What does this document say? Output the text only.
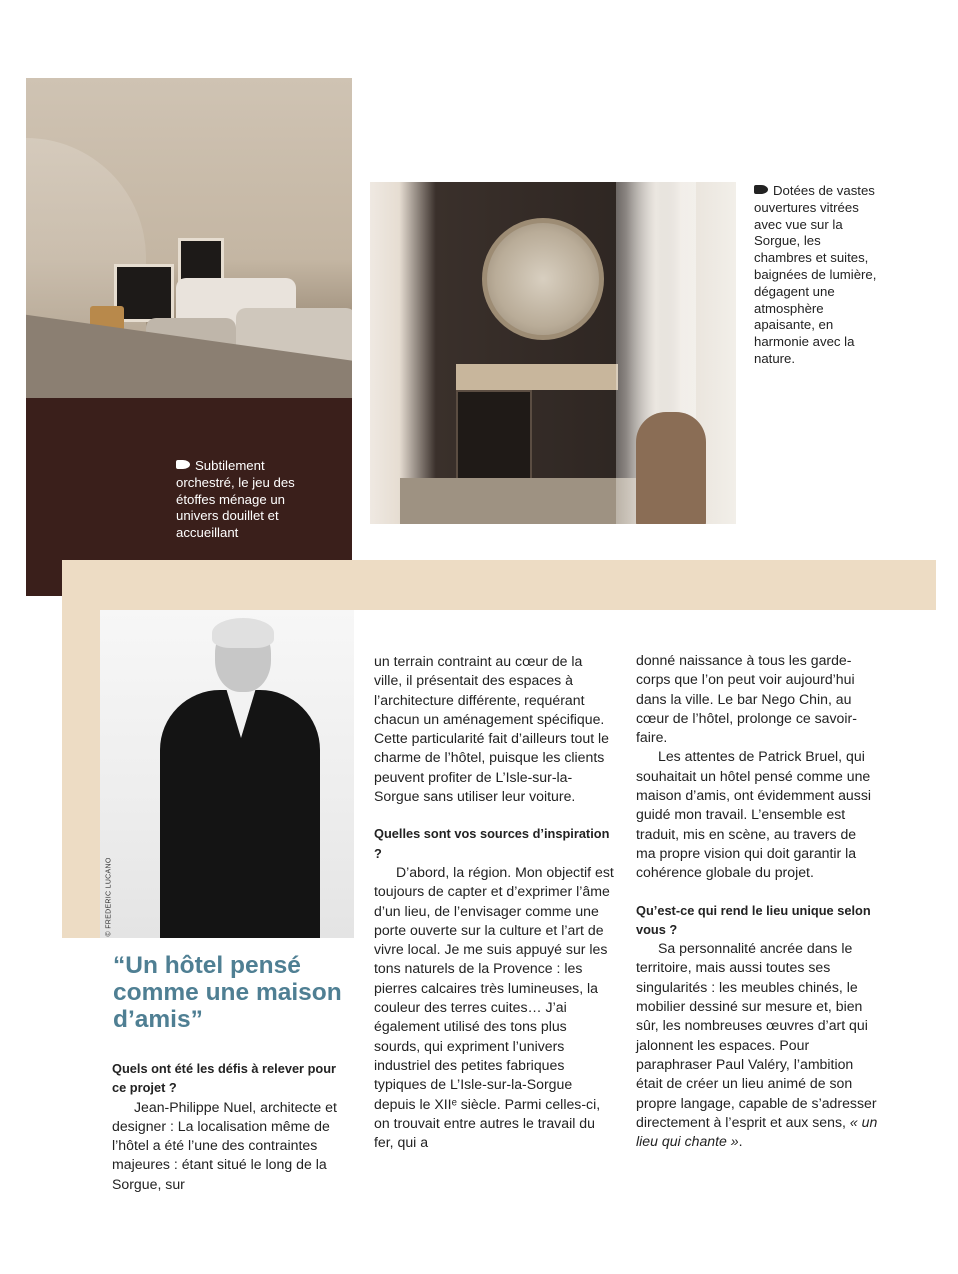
Subtilement orchestré, le jeu des étoffes ménage un univers douillet et accueillant
Dotées de vastes ouvertures vitrées avec vue sur la Sorgue, les chambres et suites, baignées de lumière, dégagent une atmosphère apaisante, en harmonie avec la nature.
© FREDERIC LUCANO
“Un hôtel pensé comme une maison d’amis”
Quels ont été les défis à relever pour ce projet ?

Jean-Philippe Nuel, architecte et designer : La localisation même de l’hôtel a été l’une des contraintes majeures : étant situé le long de la Sorgue, sur

un terrain contraint au cœur de la ville, il présentait des espaces à l’architecture différente, requérant chacun un aménagement spécifique. Cette particularité fait d’ailleurs tout le charme de l’hôtel, puisque les clients peuvent profiter de L’Isle-sur-la-Sorgue sans utiliser leur voiture.

Quelles sont vos sources d’inspiration ?

D’abord, la région. Mon objectif est toujours de capter et d’exprimer l’âme d’un lieu, de l’envisager comme une porte ouverte sur la culture et l’art de vivre local. Je me suis appuyé sur les tons naturels de la Provence : les pierres calcaires très lumineuses, la couleur des terres cuites… J’ai également utilisé des tons plus sourds, qui expriment l’univers industriel des petites fabriques typiques de L’Isle-sur-la-Sorgue depuis le XIIᵉ siècle. Parmi celles-ci, on trouvait entre autres le travail du fer, qui a

donné naissance à tous les garde-corps que l’on peut voir aujourd’hui dans la ville. Le bar Nego Chin, au cœur de l’hôtel, prolonge ce savoir-faire.

Les attentes de Patrick Bruel, qui souhaitait un hôtel pensé comme une maison d’amis, ont évidemment aussi guidé mon travail. L’ensemble est traduit, mis en scène, au travers de ma propre vision qui doit garantir la cohérence globale du projet.

Qu’est-ce qui rend le lieu unique selon vous ?

Sa personnalité ancrée dans le territoire, mais aussi toutes ses singularités : les meubles chinés, le mobilier dessiné sur mesure et, bien sûr, les nombreuses œuvres d’art qui jalonnent les espaces. Pour paraphraser Paul Valéry, l’ambition était de créer un lieu animé de son propre langage, capable de s’adresser directement à l’esprit et aux sens, « un lieu qui chante ».
